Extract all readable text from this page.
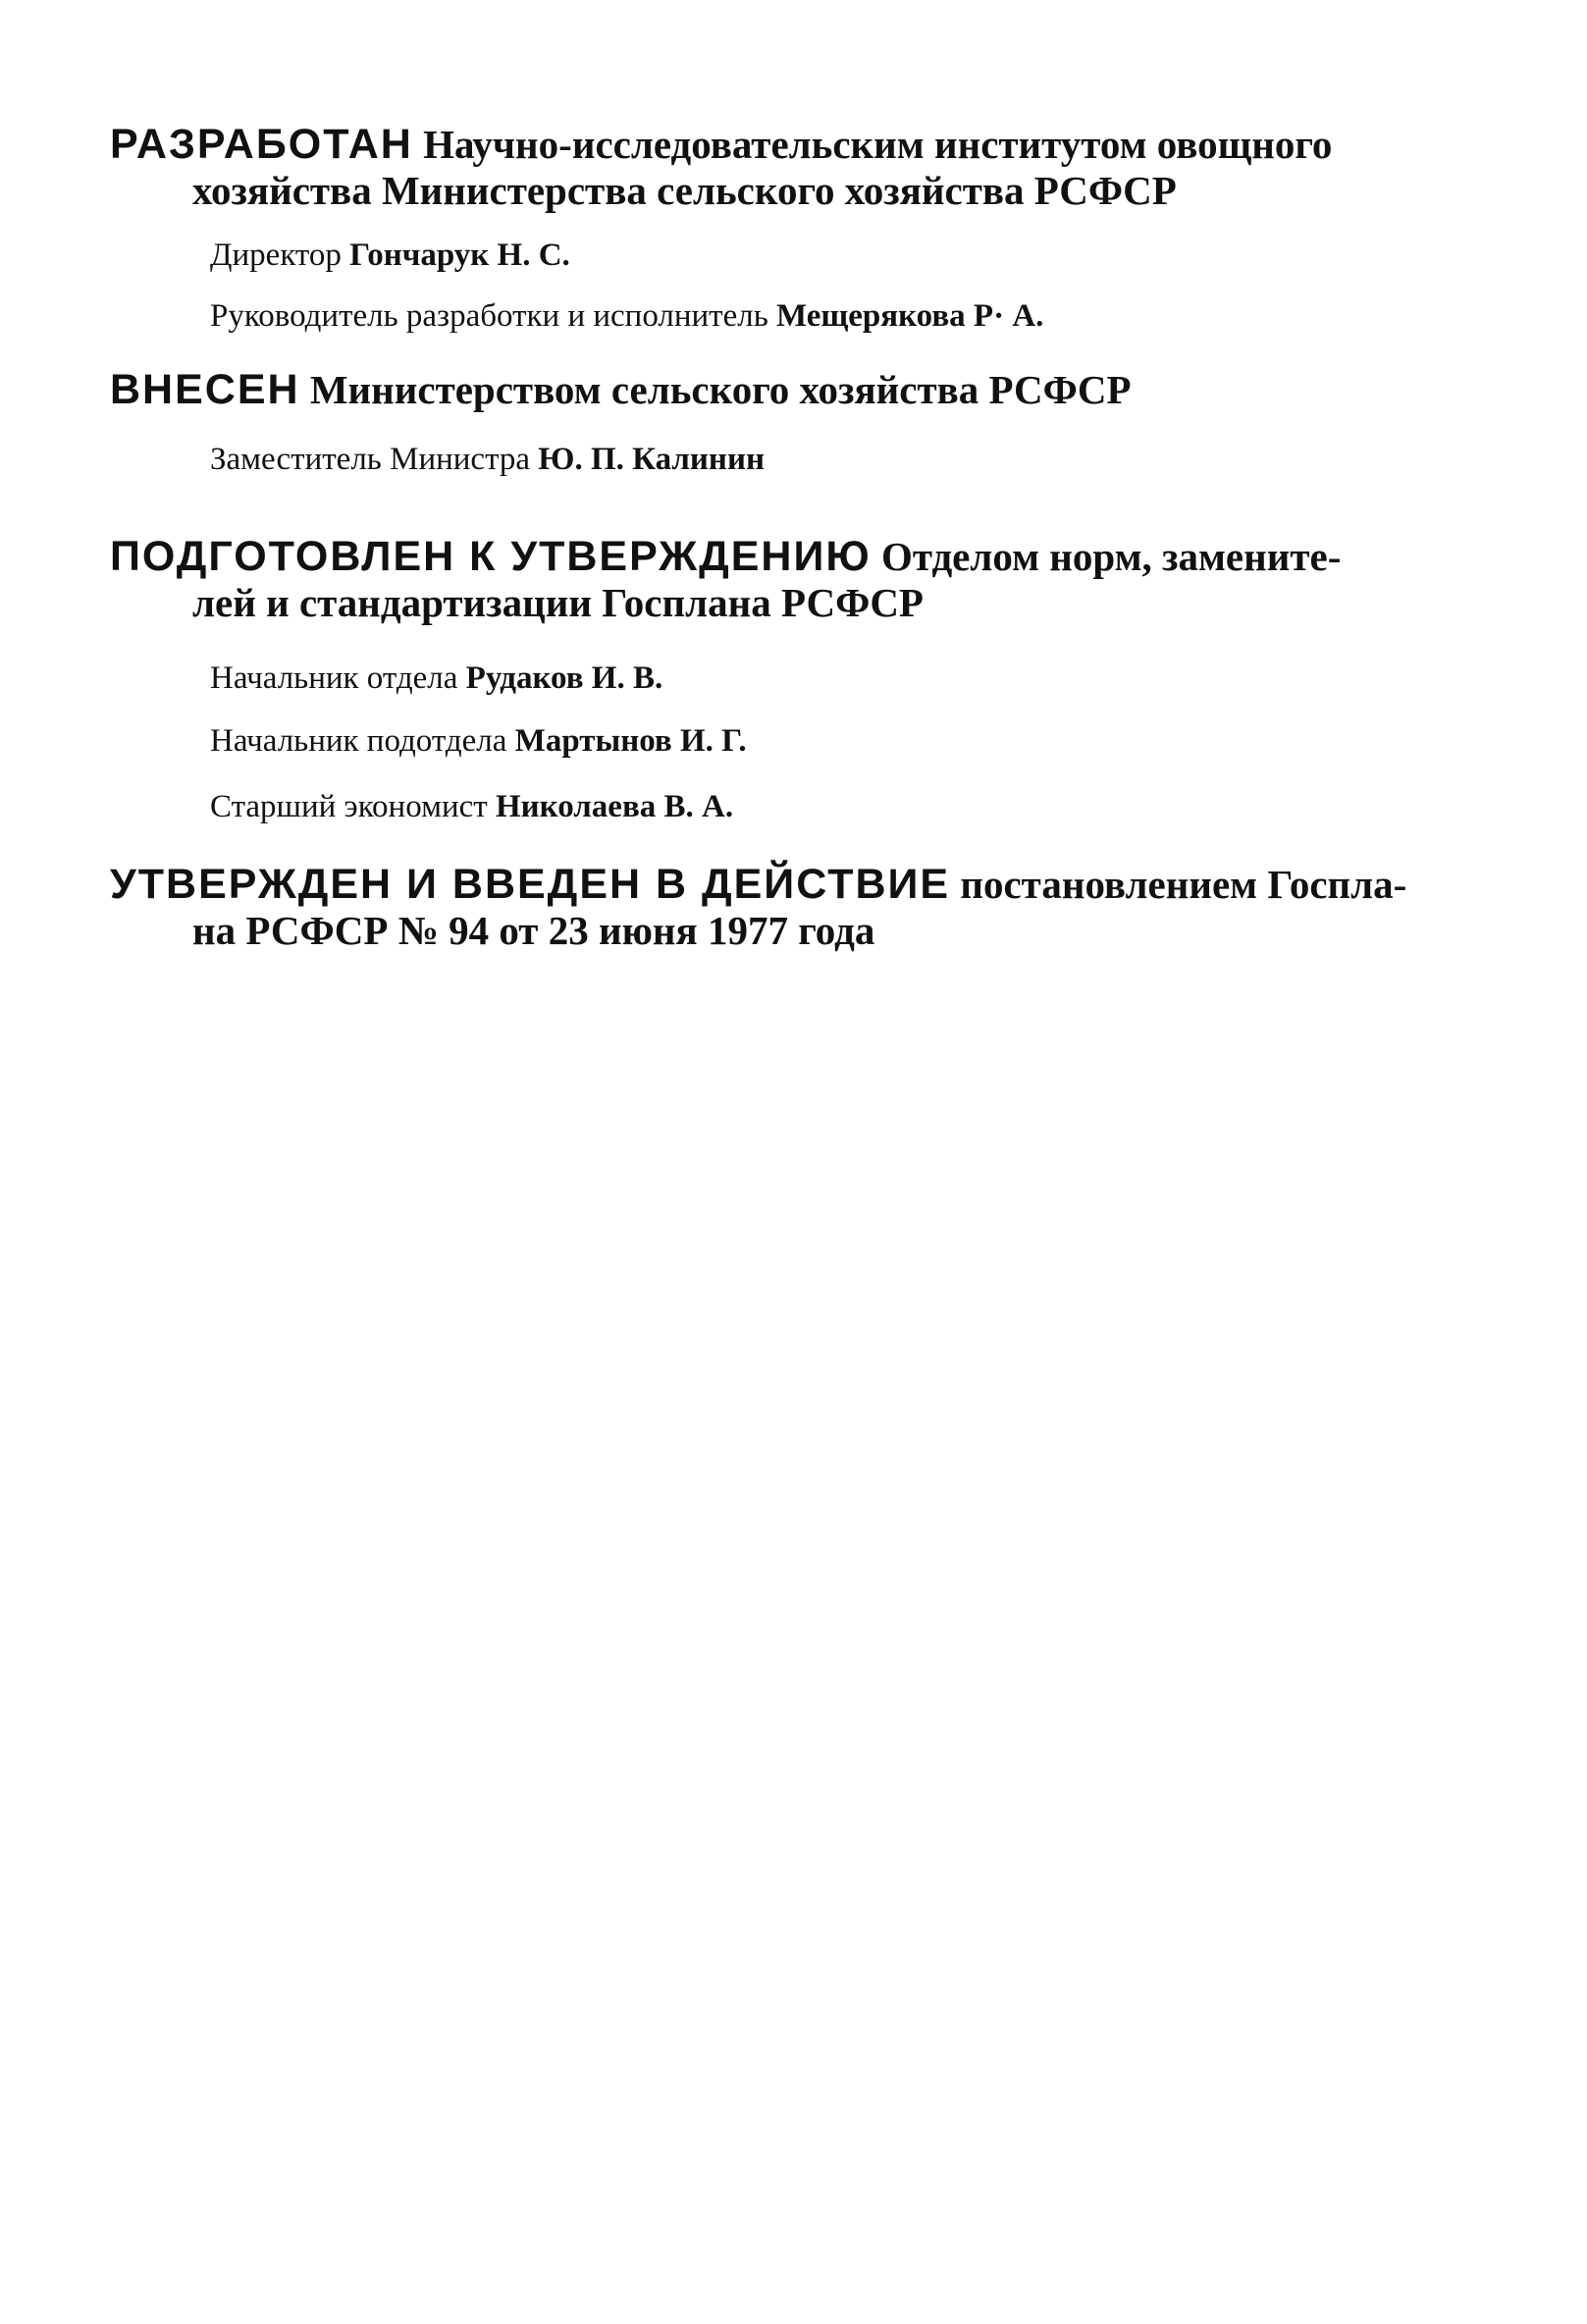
РАЗРАБОТАН Научно-исследовательским институтом овощного
хозяйства Министерства сельского хозяйства РСФСР
Директор Гончарук Н. С.
Руководитель разработки и исполнитель Мещерякова Р· А.
ВНЕСЕН Министерством сельского хозяйства РСФСР
Заместитель Министра Ю. П. Калинин
ПОДГОТОВЛЕН К УТВЕРЖДЕНИЮ Отделом норм, замените-
лей и стандартизации Госплана РСФСР
Начальник отдела Рудаков И. В.
Начальник подотдела Мартынов И. Г.
Старший экономист Николаева В. А.
УТВЕРЖДЕН И ВВЕДЕН В ДЕЙСТВИЕ постановлением Госпла-
на РСФСР № 94 от 23 июня 1977 года
